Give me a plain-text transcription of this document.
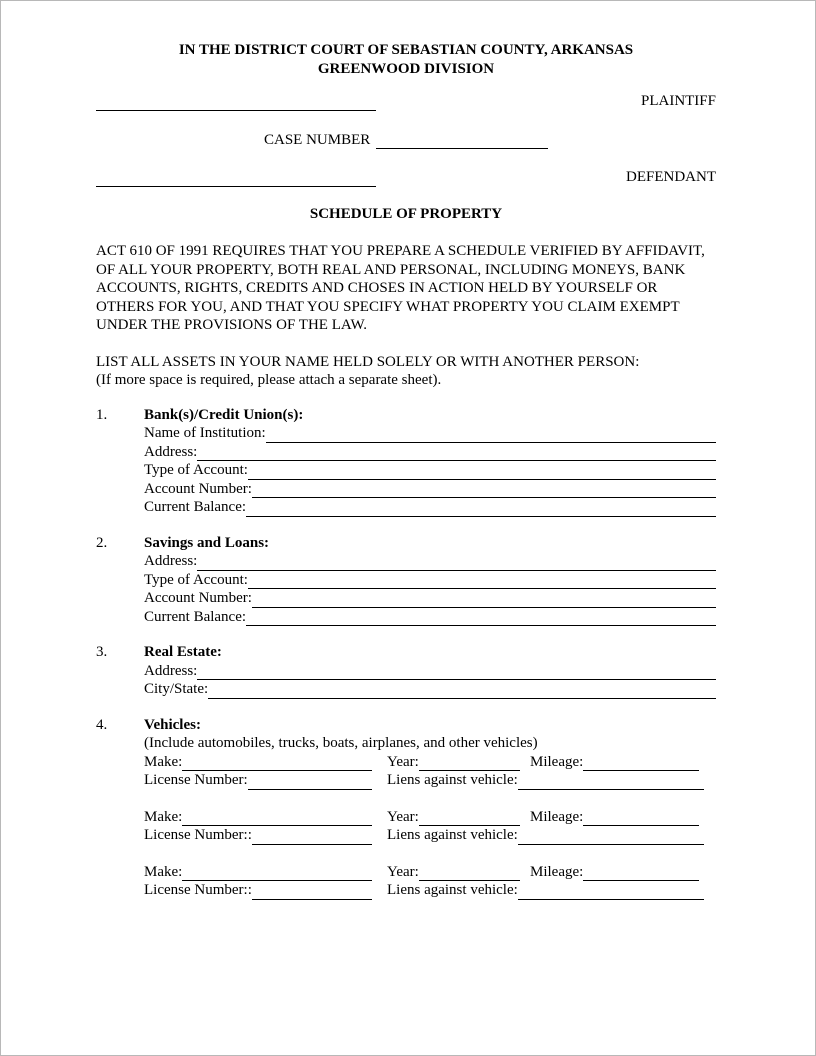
IN THE DISTRICT COURT OF SEBASTIAN COUNTY, ARKANSAS
GREENWOOD DIVISION
PLAINTIFF
CASE NUMBER
DEFENDANT
SCHEDULE OF PROPERTY
ACT 610 OF 1991 REQUIRES THAT YOU PREPARE A SCHEDULE VERIFIED BY AFFIDAVIT, OF ALL YOUR PROPERTY, BOTH REAL AND PERSONAL, INCLUDING MONEYS, BANK ACCOUNTS, RIGHTS, CREDITS AND CHOSES IN ACTION HELD BY YOURSELF OR OTHERS FOR YOU, AND THAT YOU SPECIFY WHAT PROPERTY YOU CLAIM EXEMPT UNDER THE PROVISIONS OF THE LAW.
LIST ALL ASSETS IN YOUR NAME HELD SOLELY OR WITH ANOTHER PERSON:
(If more space is required, please attach a separate sheet).
1.	Bank(s)/Credit Union(s):
Name of Institution:
Address:
Type of Account:
Account Number:
Current Balance:
2.	Savings and Loans:
Address:
Type of Account:
Account Number:
Current Balance:
3.	Real Estate:
Address:
City/State:
4.	Vehicles:
(Include automobiles, trucks, boats, airplanes, and other vehicles)
Make:	Year:	Mileage:
License Number:	Liens against vehicle:
Make:	Year:	Mileage:
License Number::	Liens against vehicle:
Make:	Year:	Mileage:
License Number::	Liens against vehicle:
